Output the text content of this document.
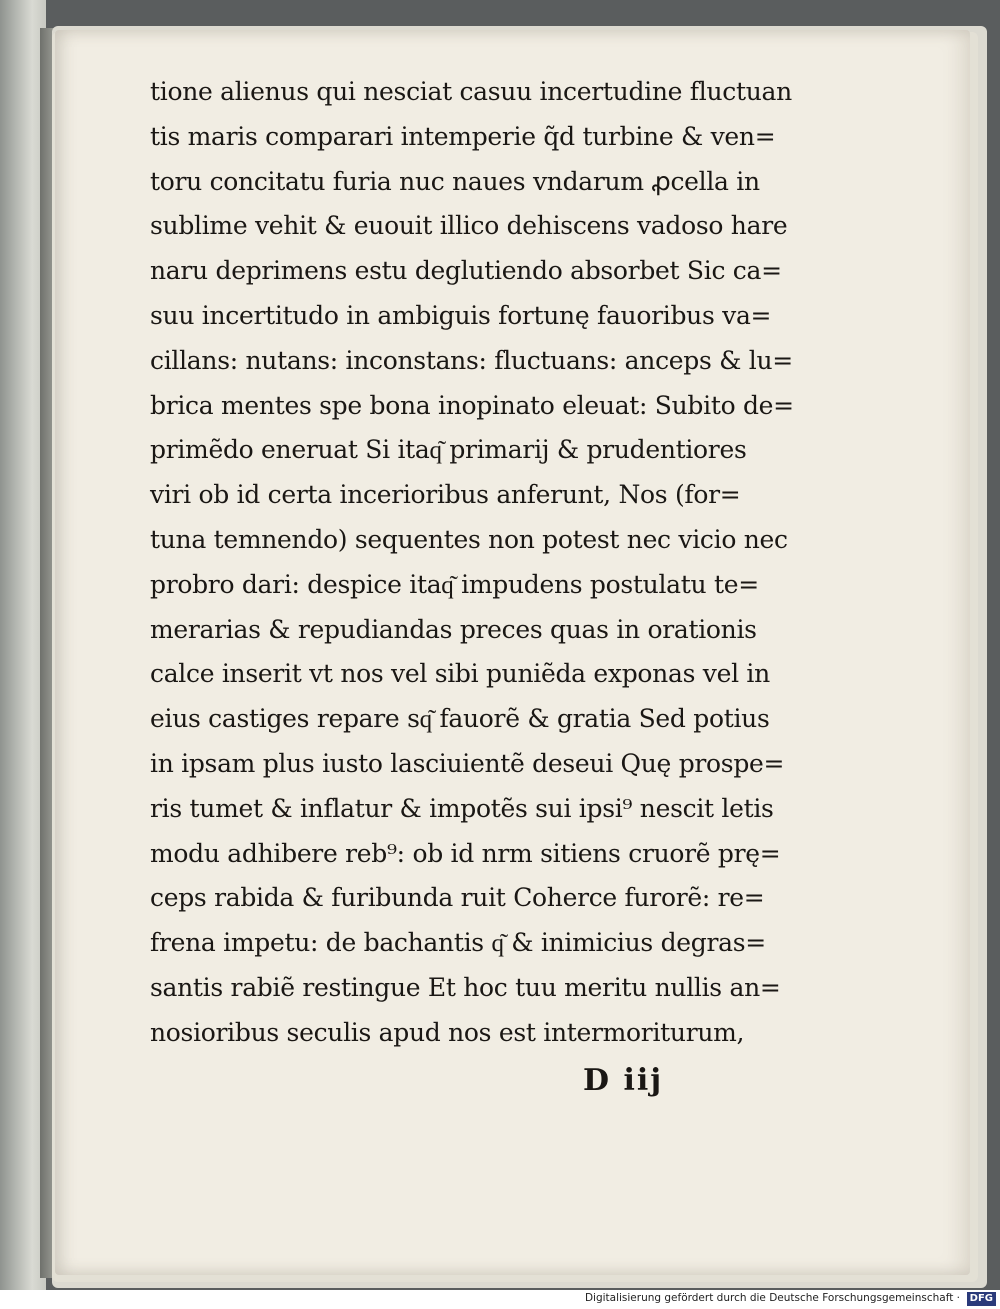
tione alienus qui nesciat casuu incertudine fluctuan
tis maris comparari intemperie q̃d turbine & ven=
toru concitatu furia nuc naues vndarum ꝓcella in
sublime vehit & euouit illico dehiscens vadoso hare
naru deprimens estu deglutiendo absorbet Sic ca=
suu incertitudo in ambiguis fortunę fauoribus va=
cillans: nutans: inconstans: fluctuans: anceps & lu=
brica mentes spe bona inopinato eleuat: Subito de=
primẽdo eneruat Si itaq͂ primarij & prudentiores
viri ob id certa incerioribus anferunt, Nos (for=
tuna temnendo) sequentes non potest nec vicio nec
probro dari: despice itaq͂ impudens postulatu te=
merarias & repudiandas preces quas in orationis
calce inserit vt nos vel sibi puniẽda exponas vel in
eius castiges repare sq͂ fauorẽ & gratia Sed potius
in ipsam plus iusto lasciuientẽ deseui Quę prospe=
ris tumet & inflatur & impotẽs sui ipsi⁹ nescit letis
modu adhibere reb⁹: ob id nrm sitiens cruorẽ prę=
ceps rabida & furibunda ruit Coherce furorẽ: re=
frena impetu: de bachantis q͂ & inimicius degras=
santis rabiẽ restingue Et hoc tuu meritu nullis an=
nosioribus seculis apud nos est intermoriturum,
D iij
Digitalisierung gefördert durch die Deutsche Forschungsgemeinschaft · DFG
